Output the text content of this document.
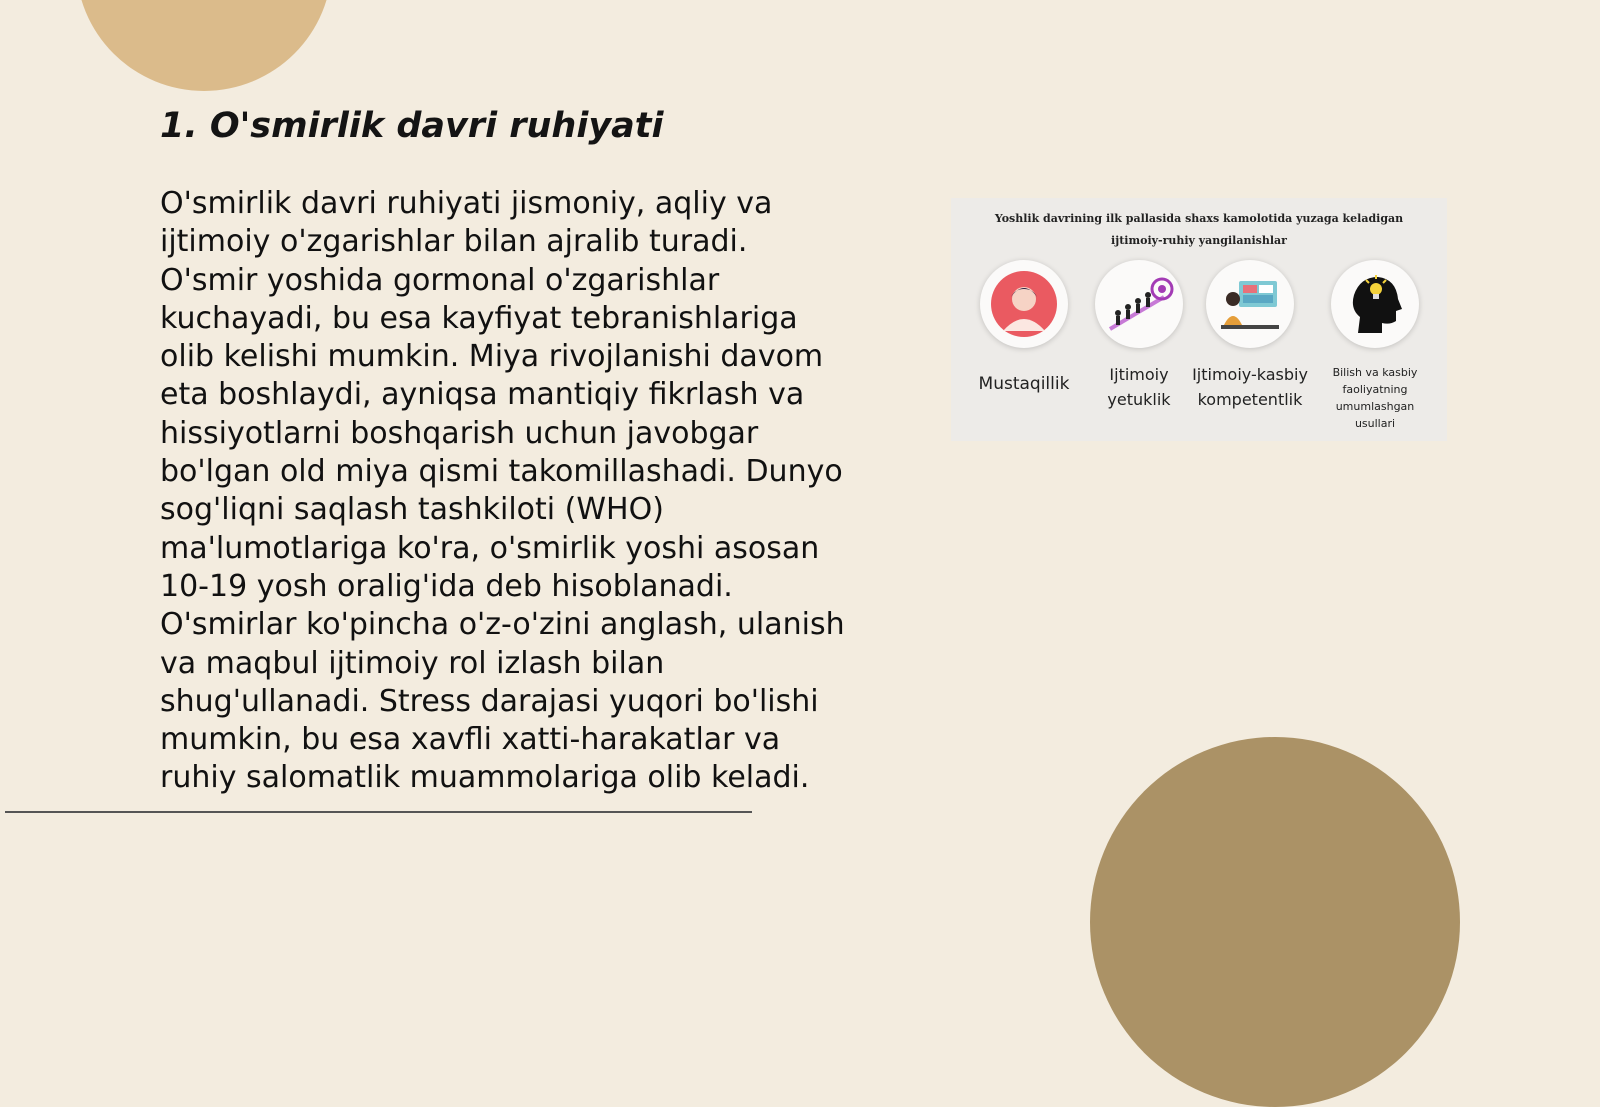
1. O'smirlik davri ruhiyati

O'smirlik davri ruhiyati jismoniy, aqliy va ijtimoiy o'zgarishlar bilan ajralib turadi. O'smir yoshida gormonal o'zgarishlar kuchayadi, bu esa kayfiyat tebranishlariga olib kelishi mumkin. Miya rivojlanishi davom eta boshlaydi, ayniqsa mantiqiy fikrlash va hissiyotlarni boshqarish uchun javobgar bo'lgan old miya qismi takomillashadi. Dunyo sog'liqni saqlash tashkiloti (WHO) ma'lumotlariga ko'ra, o'smirlik yoshi asosan 10-19 yosh oralig'ida deb hisoblanadi. O'smirlar ko'pincha o'z-o'zini anglash, ulanish va maqbul ijtimoiy rol izlash bilan shug'ullanadi. Stress darajasi yuqori bo'lishi mumkin, bu esa xavfli xatti-harakatlar va ruhiy salomatlik muammolariga olib keladi.

Yoshlik davrining ilk pallasida shaxs kamolotida yuzaga keladigan
ijtimoiy-ruhiy yangilanishlar
Mustaqillik	Ijtimoiy
yetuklik
Ijtimoiy-kasbiy
kompetentlik
Bilish va kasbiy
faoliyatning
umumlashgan usullari
